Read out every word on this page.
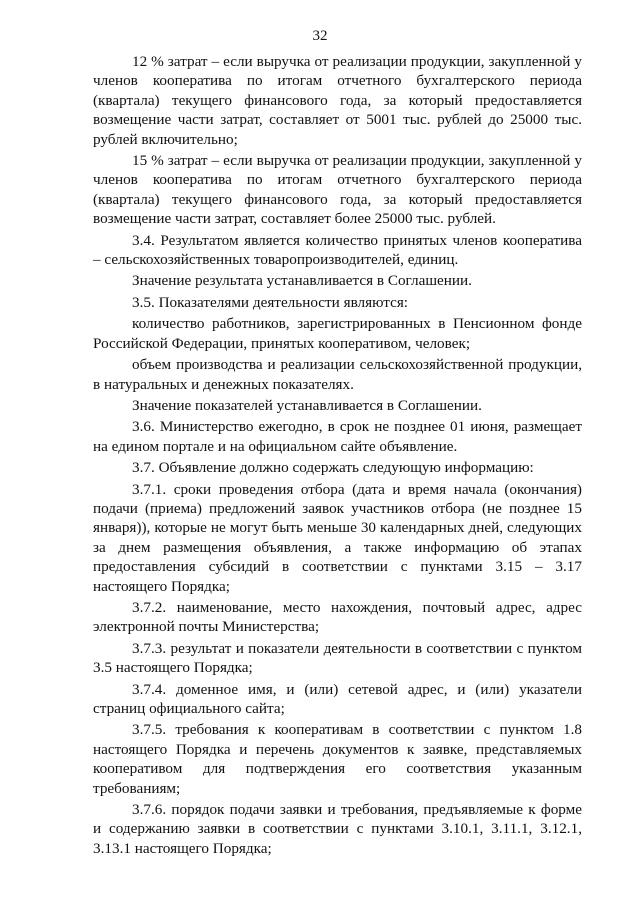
32

12 % затрат – если выручка от реализации продукции, закупленной у членов кооператива по итогам отчетного бухгалтерского периода (квартала) текущего финансового года, за который предоставляется возмещение части затрат, составляет от 5001 тыс. рублей до 25000 тыс. рублей включительно;

15 % затрат – если выручка от реализации продукции, закупленной у членов кооператива по итогам отчетного бухгалтерского периода (квартала) текущего финансового года, за который предоставляется возмещение части затрат, составляет более 25000 тыс. рублей.

3.4. Результатом является количество принятых членов кооператива – сельскохозяйственных товаропроизводителей, единиц.

Значение результата устанавливается в Соглашении.

3.5. Показателями деятельности являются:

количество работников, зарегистрированных в Пенсионном фонде Российской Федерации, принятых кооперативом, человек;

объем производства и реализации сельскохозяйственной продукции, в натуральных и денежных показателях.

Значение показателей устанавливается в Соглашении.

3.6. Министерство ежегодно, в срок не позднее 01 июня, размещает на едином портале и на официальном сайте объявление.

3.7. Объявление должно содержать следующую информацию:

3.7.1. сроки проведения отбора (дата и время начала (окончания) подачи (приема) предложений заявок участников отбора (не позднее 15 января)), которые не могут быть меньше 30 календарных дней, следующих за днем размещения объявления, а также информацию об этапах предоставления субсидий в соответствии с пунктами 3.15 – 3.17 настоящего Порядка;

3.7.2. наименование, место нахождения, почтовый адрес, адрес электронной почты Министерства;

3.7.3. результат и показатели деятельности в соответствии с пунктом 3.5 настоящего Порядка;

3.7.4. доменное имя, и (или) сетевой адрес, и (или) указатели страниц официального сайта;

3.7.5. требования к кооперативам в соответствии с пунктом 1.8 настоящего Порядка и перечень документов к заявке, представляемых кооперативом для подтверждения его соответствия указанным требованиям;

3.7.6. порядок подачи заявки и требования, предъявляемые к форме и содержанию заявки в соответствии с пунктами 3.10.1, 3.11.1, 3.12.1, 3.13.1 настоящего Порядка;
